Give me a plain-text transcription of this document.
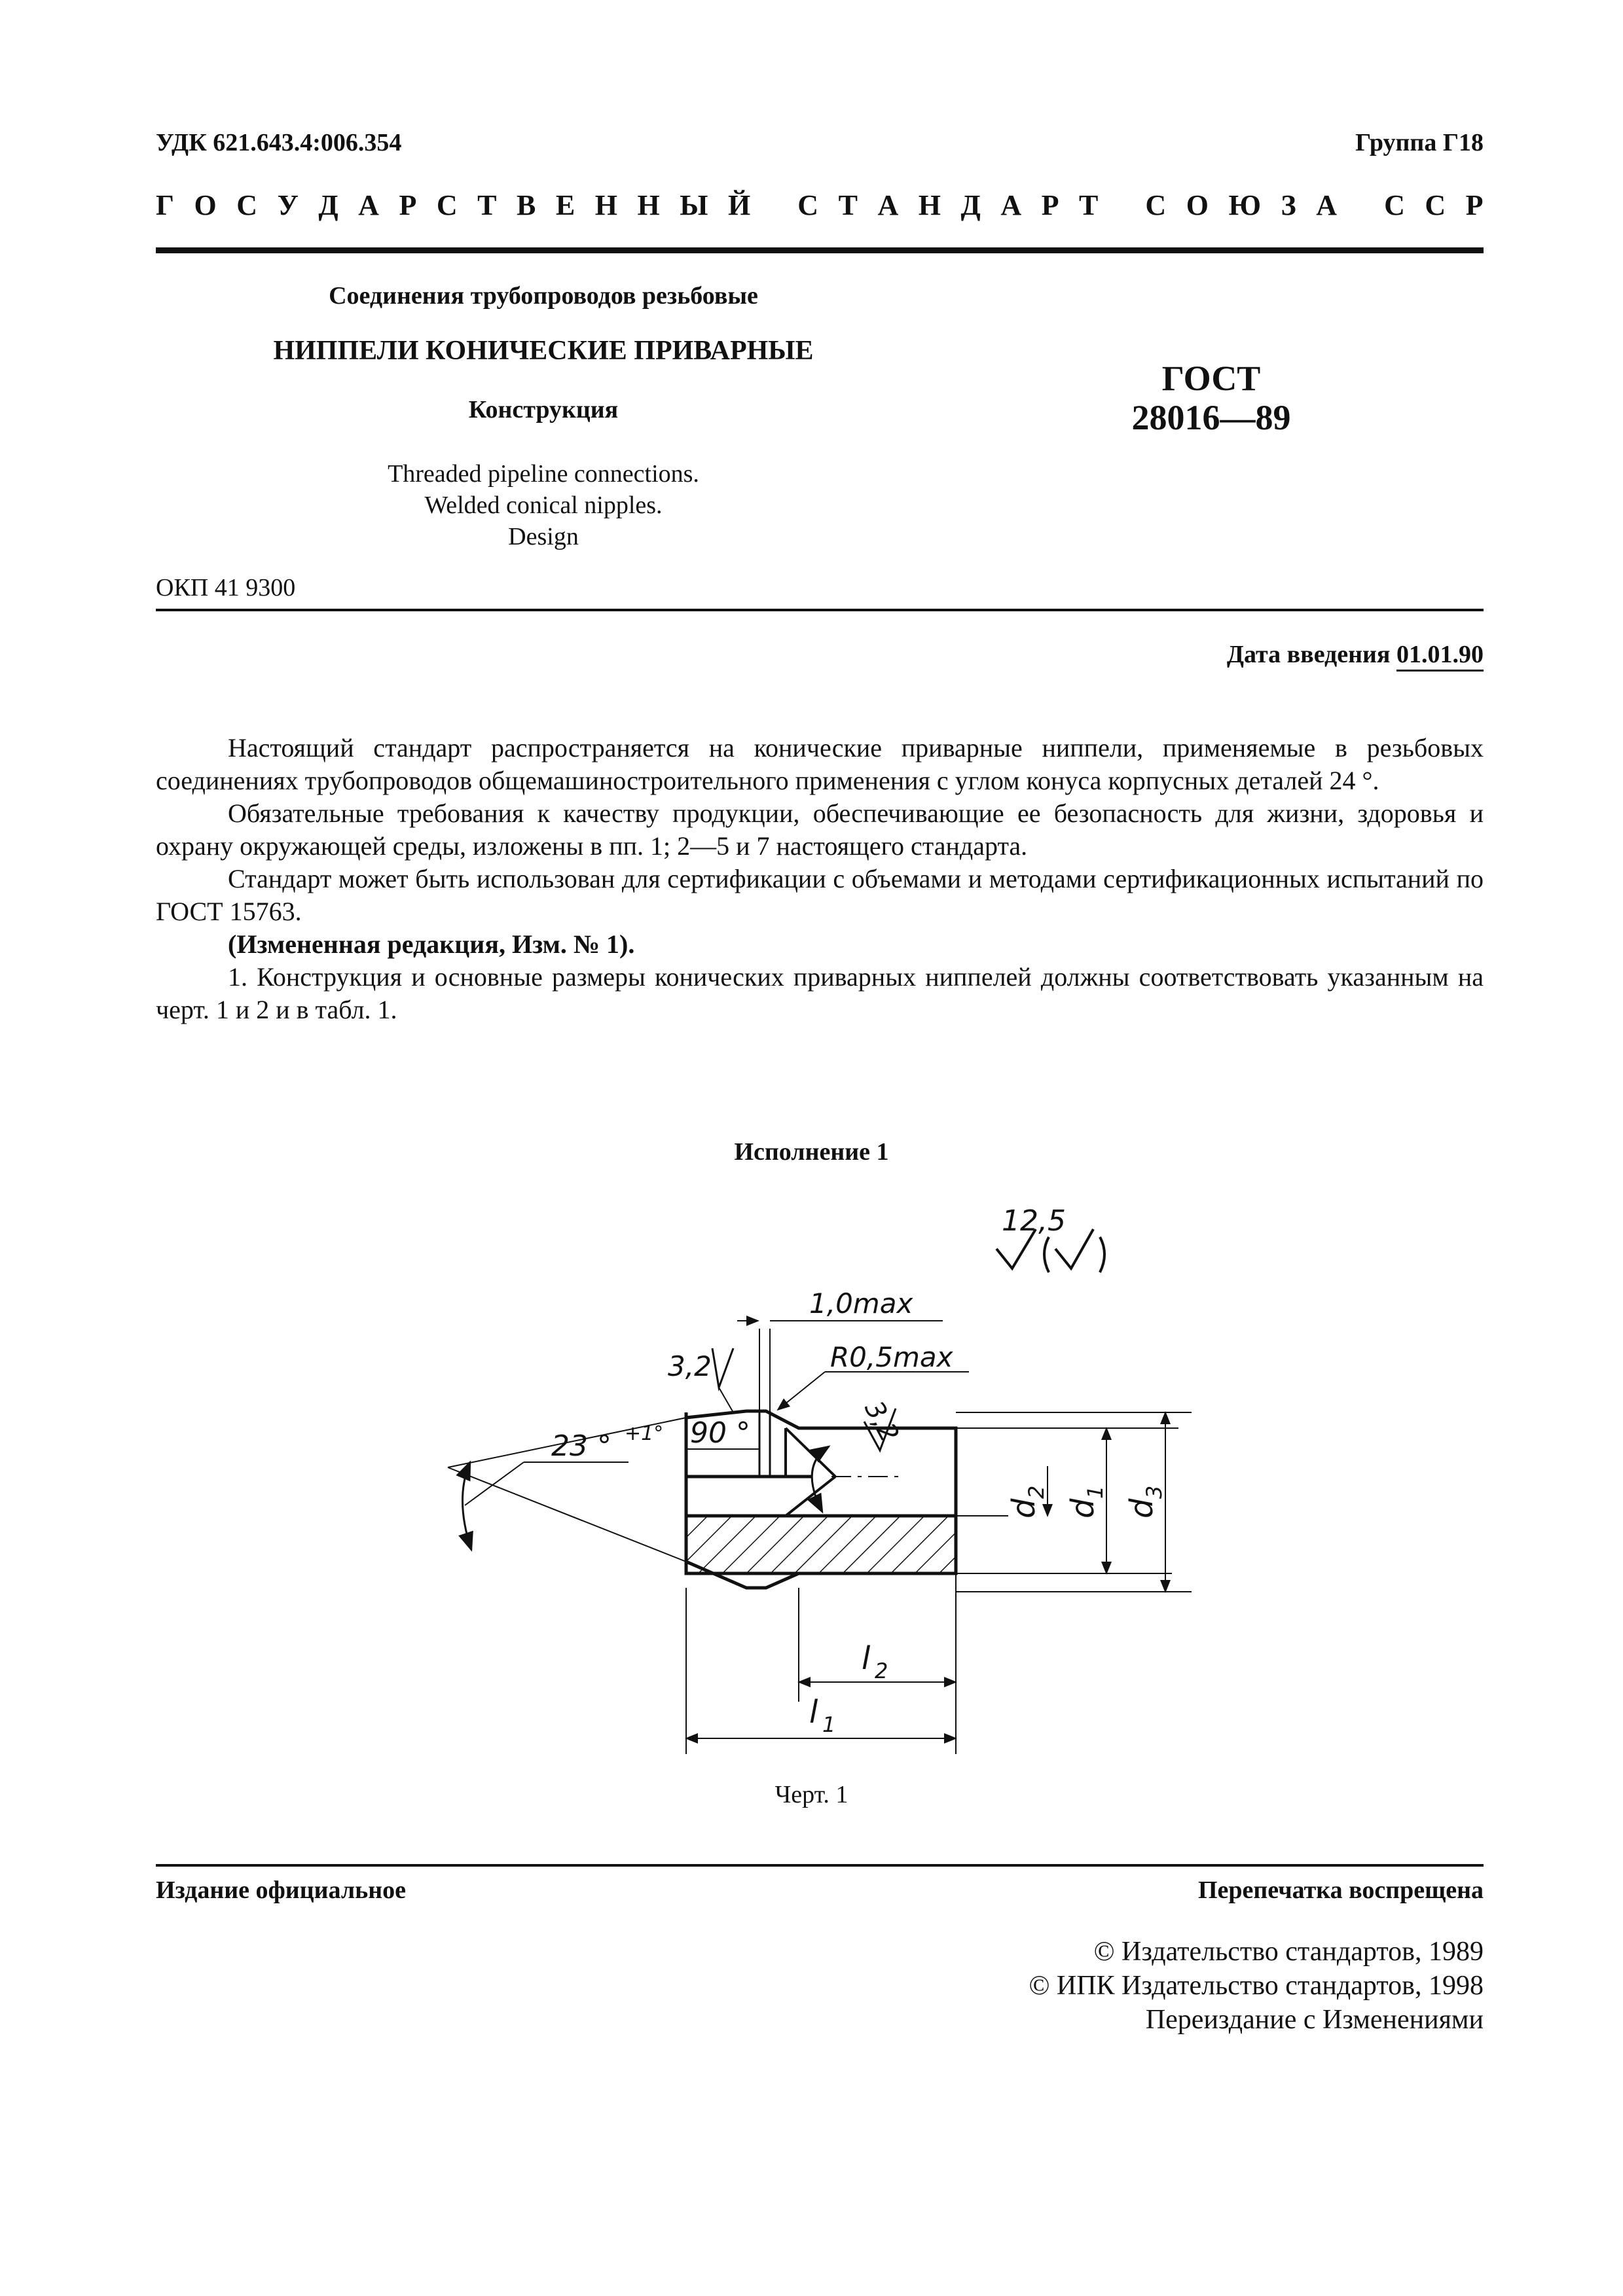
УДК 621.643.4:006.354	Группа Г18
Г О С У Д А Р С Т В Е Н Н Ы Й
С Т А Н Д А Р Т
С О Ю З А
С С Р
Соединения трубопроводов резьбовые
НИППЕЛИ КОНИЧЕСКИЕ ПРИВАРНЫЕ
Конструкция
Threaded pipeline connections.
Welded conical nipples.
Design
ГОСТ
28016—89
ОКП 41 9300
Дата введения 01.01.90

Настоящий стандарт распространяется на конические приварные ниппели, применяемые в резьбовых соединениях трубопроводов общемашиностроительного применения с углом конуса корпусных деталей 24 °.

Обязательные требования к качеству продукции, обеспечивающие ее безопасность для жизни, здоровья и охрану окружающей среды, изложены в пп. 1; 2—5 и 7 настоящего стандарта.

Стандарт может быть использован для сертификации с объемами и методами сертификационных испытаний по ГОСТ 15763.

(Измененная редакция, Изм. № 1).

1. Конструкция и основные размеры конических приварных ниппелей должны соответствовать указанным на черт. 1 и 2 и в табл. 1.

Исполнение 1
12,5
1,0max
3,2	R0,5max
23 ° +1° 90 °	3,2
d
2
d
1
d
3
l 2
l 1
Черт. 1
Издание официальное	Перепечатка воспрещена
© Издательство стандартов, 1989
© ИПК Издательство стандартов, 1998
Переиздание с Изменениями
